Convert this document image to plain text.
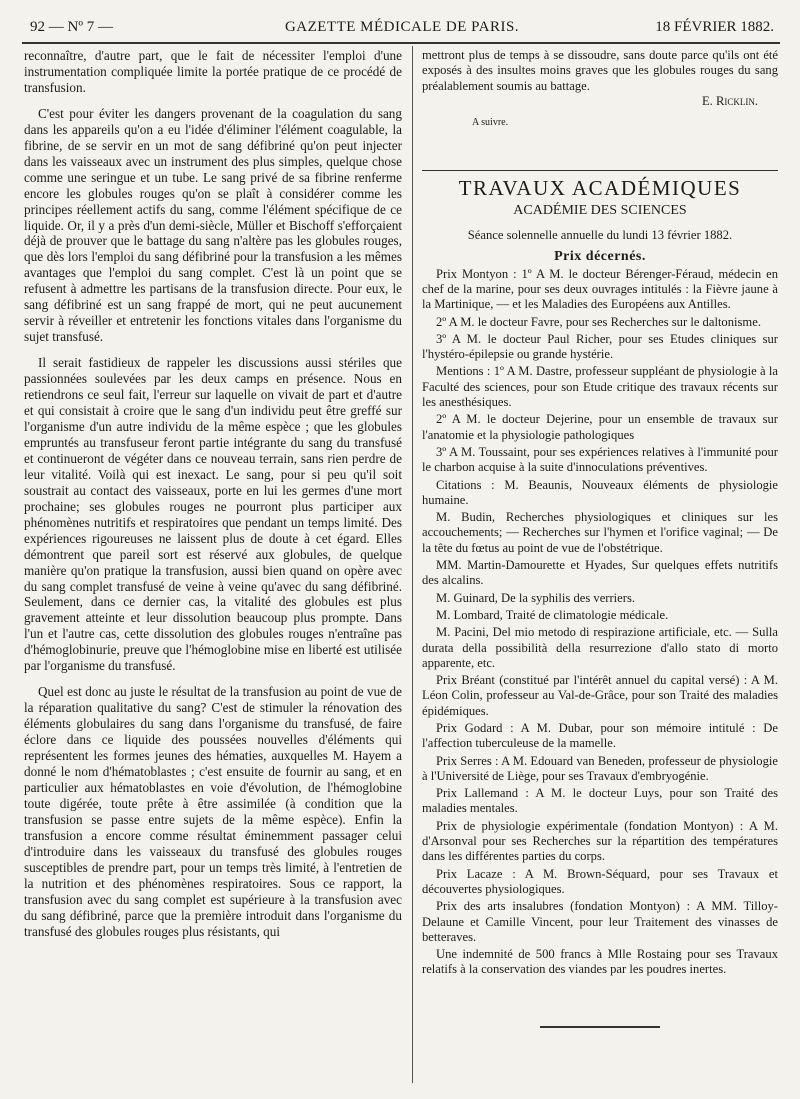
92 — Nº 7 —	GAZETTE MÉDICALE DE PARIS.	18 FÉVRIER 1882.

reconnaître, d'autre part, que le fait de nécessiter l'emploi d'une instrumentation compliquée limite la portée pratique de ce procédé de transfusion.

C'est pour éviter les dangers provenant de la coagulation du sang dans les appareils qu'on a eu l'idée d'éliminer l'élément coagulable, la fibrine, de se servir en un mot de sang défibriné qu'on peut injecter dans les vaisseaux avec un instrument des plus simples, quelque chose comme une seringue et un tube. Le sang privé de sa fibrine renferme encore les globules rouges qu'on se plaît à considérer comme les principes réellement actifs du sang, comme l'élément spécifique de ce liquide. Or, il y a près d'un demi-siècle, Müller et Bischoff s'efforçaient déjà de prouver que le battage du sang n'altère pas les globules rouges, que dès lors l'emploi du sang défibriné pour la transfusion a les mêmes avantages que l'emploi du sang complet. C'est là un point que se refusent à admettre les partisans de la transfusion directe. Pour eux, le sang défibriné est un sang frappé de mort, qui ne peut aucunement servir à réveiller et entretenir les fonctions vitales dans l'organisme du sujet transfusé.

Il serait fastidieux de rappeler les discussions aussi stériles que passionnées soulevées par les deux camps en présence. Nous en retiendrons ce seul fait, l'erreur sur laquelle on vivait de part et d'autre et qui consistait à croire que le sang d'un individu peut être greffé sur l'organisme d'un autre individu de la même espèce ; que les globules empruntés au transfuseur feront partie intégrante du sang du transfusé et continueront de végéter dans ce nouveau terrain, sans rien perdre de leur vitalité. Voilà qui est inexact. Le sang, pour si peu qu'il soit soustrait au contact des vaisseaux, porte en lui les germes d'une mort prochaine; ses globules rouges ne pourront plus participer aux phénomènes nutritifs et respiratoires que pendant un temps limité. Des expériences rigoureuses ne laissent plus de doute à cet égard. Elles démontrent que pareil sort est réservé aux globules, de quelque manière qu'on pratique la transfusion, aussi bien quand on opère avec du sang complet transfusé de veine à veine qu'avec du sang défibriné. Seulement, dans ce dernier cas, la vitalité des globules est plus gravement atteinte et leur dissolution beaucoup plus prompte. Dans l'un et l'autre cas, cette dissolution des globules rouges n'entraîne pas d'hémoglobinurie, preuve que l'hémoglobine mise en liberté est utilisée par l'organisme du transfusé.

Quel est donc au juste le résultat de la transfusion au point de vue de la réparation qualitative du sang? C'est de stimuler la rénovation des éléments globulaires du sang dans l'organisme du transfusé, de faire éclore dans ce liquide des poussées nouvelles d'éléments qui représentent les formes jeunes des hématies, auxquelles M. Hayem a donné le nom d'hématoblastes ; c'est ensuite de fournir au sang, et en particulier aux hématoblastes en voie d'évolution, de l'hémoglobine toute digérée, toute prête à être assimilée (à condition que la transfusion se passe entre sujets de la même espèce). Enfin la transfusion a encore comme résultat éminemment passager celui d'introduire dans les vaisseaux du transfusé des globules rouges susceptibles de prendre part, pour un temps très limité, à l'entretien de la nutrition et des phénomènes respiratoires. Sous ce rapport, la transfusion avec du sang complet est supérieure à la transfusion avec du sang défibriné, parce que la première introduit dans l'organisme du transfusé des globules rouges plus résistants, qui

mettront plus de temps à se dissoudre, sans doute parce qu'ils ont été exposés à des insultes moins graves que les globules rouges du sang préalablement soumis au battage.

E. Ricklin.

A suivre.

TRAVAUX ACADÉMIQUES

ACADÉMIE DES SCIENCES

Séance solennelle annuelle du lundi 13 février 1882.

Prix décernés.

Prix Montyon : 1º A M. le docteur Bérenger-Féraud, médecin en chef de la marine, pour ses deux ouvrages intitulés : la Fièvre jaune à la Martinique, — et les Maladies des Européens aux Antilles.

2º A M. le docteur Favre, pour ses Recherches sur le daltonisme.

3º A M. le docteur Paul Richer, pour ses Etudes cliniques sur l'hystéro-épilepsie ou grande hystérie.

Mentions : 1º A M. Dastre, professeur suppléant de physiologie à la Faculté des sciences, pour son Etude critique des travaux récents sur les anesthésiques.

2º A M. le docteur Dejerine, pour un ensemble de travaux sur l'anatomie et la physiologie pathologiques

3º A M. Toussaint, pour ses expériences relatives à l'immunité pour le charbon acquise à la suite d'innoculations préventives.

Citations : M. Beaunis, Nouveaux éléments de physiologie humaine.

M. Budin, Recherches physiologiques et cliniques sur les accouchements; — Recherches sur l'hymen et l'orifice vaginal; — De la tête du fœtus au point de vue de l'obstétrique.

MM. Martin-Damourette et Hyades, Sur quelques effets nutritifs des alcalins.

M. Guinard, De la syphilis des verriers.

M. Lombard, Traité de climatologie médicale.

M. Pacini, Del mio metodo di respirazione artificiale, etc. — Sulla durata della possibilità della resurrezione d'allo stato di morto apparente, etc.

Prix Bréant (constitué par l'intérêt annuel du capital versé) : A M. Léon Colin, professeur au Val-de-Grâce, pour son Traité des maladies épidémiques.

Prix Godard : A M. Dubar, pour son mémoire intitulé : De l'affection tuberculeuse de la mamelle.

Prix Serres : A M. Edouard van Beneden, professeur de physiologie à l'Université de Liège, pour ses Travaux d'embryogénie.

Prix Lallemand : A M. le docteur Luys, pour son Traité des maladies mentales.

Prix de physiologie expérimentale (fondation Montyon) : A M. d'Arsonval pour ses Recherches sur la répartition des températures dans les différentes parties du corps.

Prix Lacaze : A M. Brown-Séquard, pour ses Travaux et découvertes physiologiques.

Prix des arts insalubres (fondation Montyon) : A MM. Tilloy-Delaune et Camille Vincent, pour leur Traitement des vinasses de betteraves.

Une indemnité de 500 francs à Mlle Rostaing pour ses Travaux relatifs à la conservation des viandes par les poudres inertes.
